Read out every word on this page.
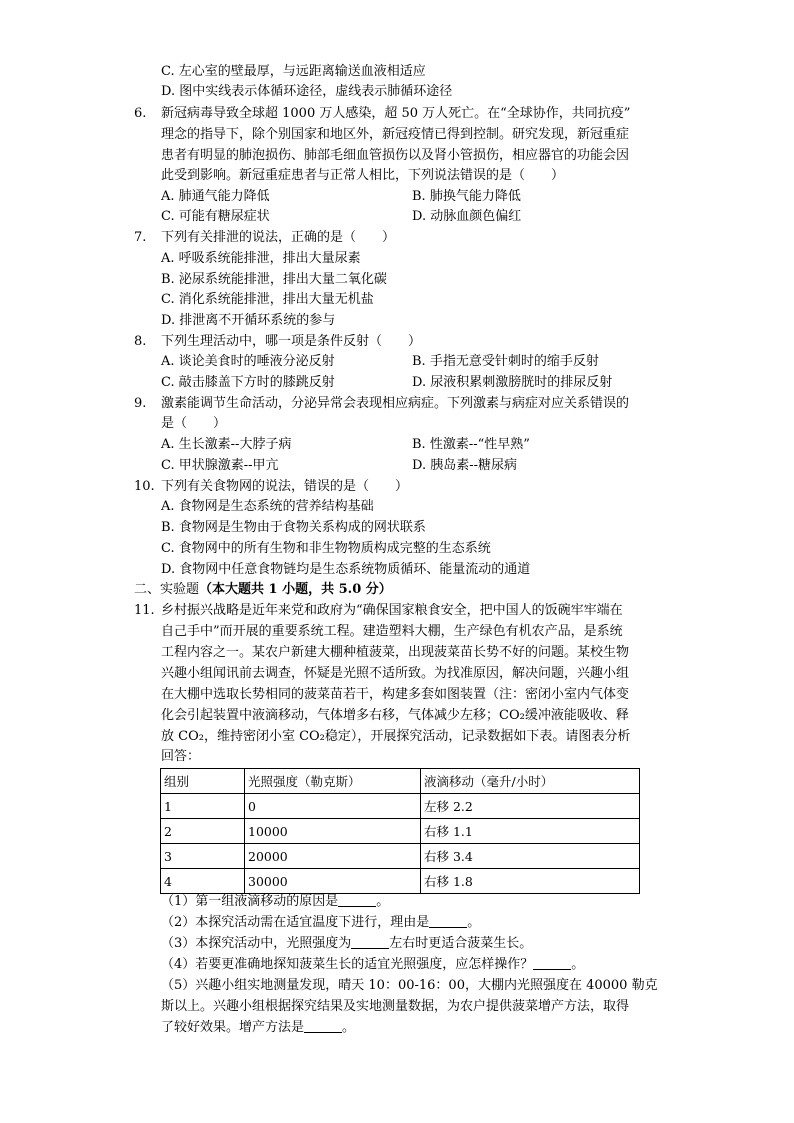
C. 左心室的壁最厚，与远距离输送血液相适应
D. 图中实线表示体循环途径，虚线表示肺循环途径
6. 新冠病毒导致全球超 1000 万人感染，超 50 万人死亡。在“全球协作，共同抗疫”
理念的指导下，除个别国家和地区外，新冠疫情已得到控制。研究发现，新冠重症
患者有明显的肺泡损伤、肺部毛细血管损伤以及肾小管损伤，相应器官的功能会因
此受到影响。新冠重症患者与正常人相比，下列说法错误的是（　　）
A. 肺通气能力降低	B. 肺换气能力降低
C. 可能有糖尿症状	D. 动脉血颜色偏红
7. 下列有关排泄的说法，正确的是（　　）
A. 呼吸系统能排泄，排出大量尿素
B. 泌尿系统能排泄，排出大量二氧化碳
C. 消化系统能排泄，排出大量无机盐
D. 排泄离不开循环系统的参与
8. 下列生理活动中，哪一项是条件反射（　　）
A. 谈论美食时的唾液分泌反射	B. 手指无意受针刺时的缩手反射
C. 敲击膝盖下方时的膝跳反射	D. 尿液积累刺激膀胱时的排尿反射
9. 激素能调节生命活动，分泌异常会表现相应病症。下列激素与病症对应关系错误的
是（　　）
A. 生长激素--大脖子病	B. 性激素--“性早熟”
C. 甲状腺激素--甲亢	D. 胰岛素--糖尿病
10. 下列有关食物网的说法，错误的是（　　）
A. 食物网是生态系统的营养结构基础
B. 食物网是生物由于食物关系构成的网状联系
C. 食物网中的所有生物和非生物物质构成完整的生态系统
D. 食物网中任意食物链均是生态系统物质循环、能量流动的通道
二、实验题（本大题共 1 小题，共 5.0 分）
11. 乡村振兴战略是近年来党和政府为“确保国家粮食安全，把中国人的饭碗牢牢端在
自己手中”而开展的重要系统工程。建造塑料大棚，生产绿色有机农产品，是系统
工程内容之一。某农户新建大棚种植菠菜，出现菠菜苗长势不好的问题。某校生物
兴趣小组闻讯前去调查，怀疑是光照不适所致。为找准原因，解决问题，兴趣小组
在大棚中选取长势相同的菠菜苗若干，构建多套如图装置（注：密闭小室内气体变
化会引起装置中液滴移动，气体增多右移，气体减少左移；CO₂缓冲液能吸收、释
放 CO₂，维持密闭小室 CO₂稳定），开展探究活动，记录数据如下表。请图表分析
回答：
组别	光照强度（勒克斯）	液滴移动（毫升/小时）
1	0	左移 2.2
2	10000	右移 1.1
3	20000	右移 3.4
4	30000	右移 1.8
（1）第一组液滴移动的原因是	。
（2）本探究活动需在适宜温度下进行，理由是	。
（3）本探究活动中，光照强度为	左右时更适合菠菜生长。
（4）若要更准确地探知菠菜生长的适宜光照强度，应怎样操作？	。
（5）兴趣小组实地测量发现，晴天 10：00-16：00，大棚内光照强度在 40000 勒克
斯以上。兴趣小组根据探究结果及实地测量数据，为农户提供菠菜增产方法，取得
了较好效果。增产方法是	。
